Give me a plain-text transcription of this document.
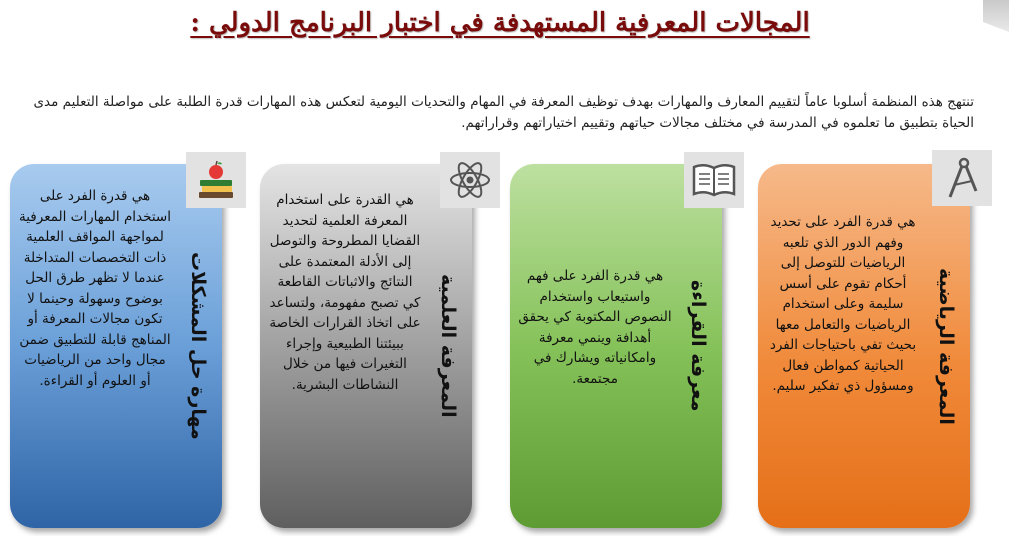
المجالات المعرفية المستهدفة في اختبار البرنامج الدولي :

تنتهج هذه المنظمة أسلوبا عاماً لتقييم المعارف والمهارات بهدف توظيف المعرفة في المهام والتحديات اليومية لتعكس هذه المهارات قدرة الطلبة على مواصلة التعليم مدى الحياة بتطبيق ما تعلموه في المدرسة في مختلف مجالات حياتهم وتقييم اختياراتهم وقراراتهم.

هي قدرة الفرد على تحديد وفهم الدور الذي تلعبه الرياضيات للتوصل إلى أحكام تقوم على أسس سليمة وعلى استخدام الرياضيات والتعامل معها بحيث تفي باحتياجات الفرد الحياتية كمواطن فعال ومسؤول ذي تفكير سليم.	المعرفة الرياضية
هي قدرة الفرد على فهم واستيعاب واستخدام النصوص المكتوبة كي يحقق أهدافة وينمي معرفة وامكانياته ويشارك في مجتمعة.	معرفة القراءة
هي القدرة على استخدام المعرفة العلمية لتحديد القضايا المطروحة والتوصل إلى الأدلة المعتمدة على النتائج والاثباتات القاطعة كي تصبح مفهومة، ولتساعد على اتخاذ القرارات الخاصة ببيئتنا الطبيعية وإجراء التغيرات فيها من خلال النشاطات البشرية.	المعرفة العلمية
هي قدرة الفرد على استخدام المهارات المعرفية لمواجهة المواقف العلمية ذات التخصصات المتداخلة عندما لا تظهر طرق الحل بوضوح وسهولة وحينما لا تكون مجالات المعرفة أو المناهج قابلة للتطبيق ضمن مجال واحد من الرياضيات أو العلوم أو القراءة.	مهارة حل المشكلات
